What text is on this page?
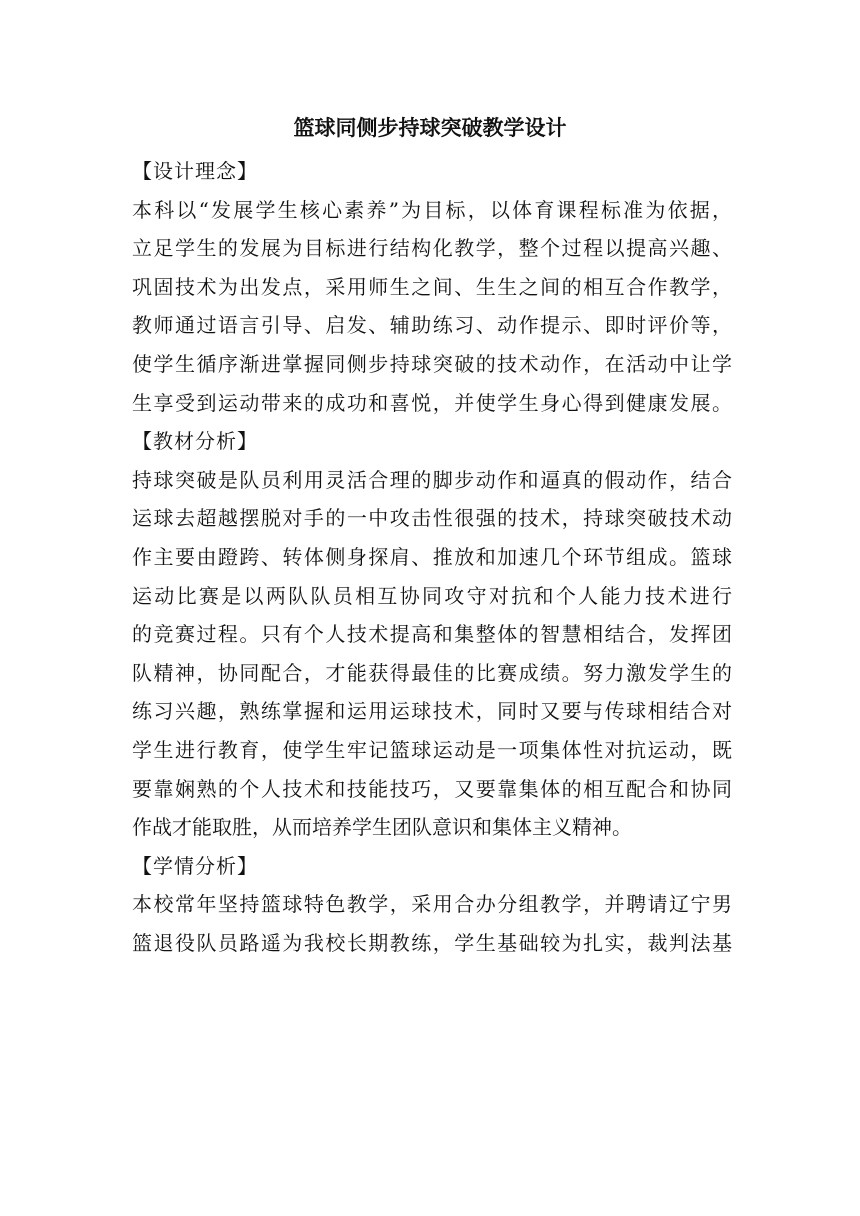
篮球同侧步持球突破教学设计

【设计理念】

本科以“发展学生核心素养”为目标，以体育课程标准为依据，
立足学生的发展为目标进行结构化教学，整个过程以提高兴趣、
巩固技术为出发点，采用师生之间、生生之间的相互合作教学，
教师通过语言引导、启发、辅助练习、动作提示、即时评价等，
使学生循序渐进掌握同侧步持球突破的技术动作，在活动中让学
生享受到运动带来的成功和喜悦，并使学生身心得到健康发展。

【教材分析】

持球突破是队员利用灵活合理的脚步动作和逼真的假动作，结合
运球去超越摆脱对手的一中攻击性很强的技术，持球突破技术动
作主要由蹬跨、转体侧身探肩、推放和加速几个环节组成。篮球
运动比赛是以两队队员相互协同攻守对抗和个人能力技术进行
的竞赛过程。只有个人技术提高和集整体的智慧相结合，发挥团
队精神，协同配合，才能获得最佳的比赛成绩。努力激发学生的
练习兴趣，熟练掌握和运用运球技术，同时又要与传球相结合对
学生进行教育，使学生牢记篮球运动是一项集体性对抗运动，既
要靠娴熟的个人技术和技能技巧，又要靠集体的相互配合和协同
作战才能取胜，从而培养学生团队意识和集体主义精神。

【学情分析】

本校常年坚持篮球特色教学，采用合办分组教学，并聘请辽宁男
篮退役队员路遥为我校长期教练，学生基础较为扎实，裁判法基
